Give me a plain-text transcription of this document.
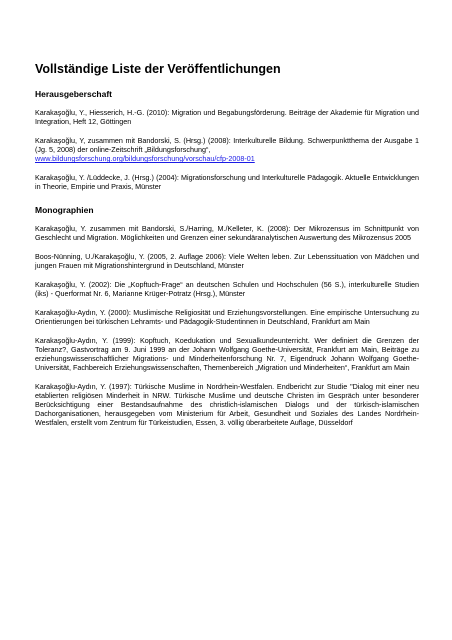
Vollständige Liste der Veröffentlichungen
Herausgeberschaft

Karakaşoğlu, Y., Hiesserich, H.-G. (2010): Migration und Begabungsförderung. Beiträge der Akademie für Migration und Integration, Heft 12, Göttingen

Karakaşoğlu, Y, zusammen mit Bandorski, S. (Hrsg.) (2008): Interkulturelle Bildung. Schwerpunktthema der Ausgabe 1 (Jg. 5, 2008) der online-Zeitschrift „Bildungsforschung“,

www.bildungsforschung.org/bildungsforschung/vorschau/cfp-2008-01

Karakaşoğlu, Y. /Lüddecke, J. (Hrsg.) (2004): Migrationsforschung und Interkulturelle Pädagogik. Aktuelle Entwicklungen in Theorie, Empirie und Praxis, Münster

Monographien

Karakaşoğlu, Y. zusammen mit Bandorski, S./Harring, M./Kelleter, K. (2008): Der Mikrozensus im Schnittpunkt von Geschlecht und Migration. Möglichkeiten und Grenzen einer sekundäranalytischen Auswertung des Mikrozensus 2005

Boos-Nünning, U./Karakaşoğlu, Y. (2005, 2. Auflage 2006): Viele Welten leben. Zur Lebenssituation von Mädchen und jungen Frauen mit Migrationshintergrund in Deutschland, Münster

Karakaşoğlu, Y. (2002): Die „Kopftuch-Frage“ an deutschen Schulen und Hochschulen (56 S.), interkulturelle Studien (iks) - Querformat Nr. 6, Marianne Krüger-Potratz (Hrsg.), Münster

Karakaşoğlu-Aydın, Y. (2000): Muslimische Religiosität und Erziehungsvorstellungen. Eine empirische Untersuchung zu Orientierungen bei türkischen Lehramts- und Pädagogik-Studentinnen in Deutschland, Frankfurt am Main

Karakaşoğlu-Aydın, Y. (1999): Kopftuch, Koedukation und Sexualkundeunterricht. Wer definiert die Grenzen der Toleranz?, Gastvortrag am 9. Juni 1999 an der Johann Wolfgang Goethe-Universität, Frankfurt am Main, Beiträge zu erziehungswissenschaftlicher Migrations- und Minderheitenforschung Nr. 7, Eigendruck Johann Wolfgang Goethe-Universität, Fachbereich Erziehungswissenschaften, Themenbereich „Migration und Minderheiten“, Frankfurt am Main

Karakaşoğlu-Aydın, Y. (1997): Türkische Muslime in Nordrhein-Westfalen. Endbericht zur Studie "Dialog mit einer neu etablierten religiösen Minderheit in NRW. Türkische Muslime und deutsche Christen im Gespräch unter besonderer Berücksichtigung einer Bestandsaufnahme des christlich-islamischen Dialogs und der türkisch-islamischen Dachorganisationen, herausgegeben vom Ministerium für Arbeit, Gesundheit und Soziales des Landes Nordrhein-Westfalen, erstellt vom Zentrum für Türkeistudien, Essen, 3. völlig überarbeitete Auflage, Düsseldorf
